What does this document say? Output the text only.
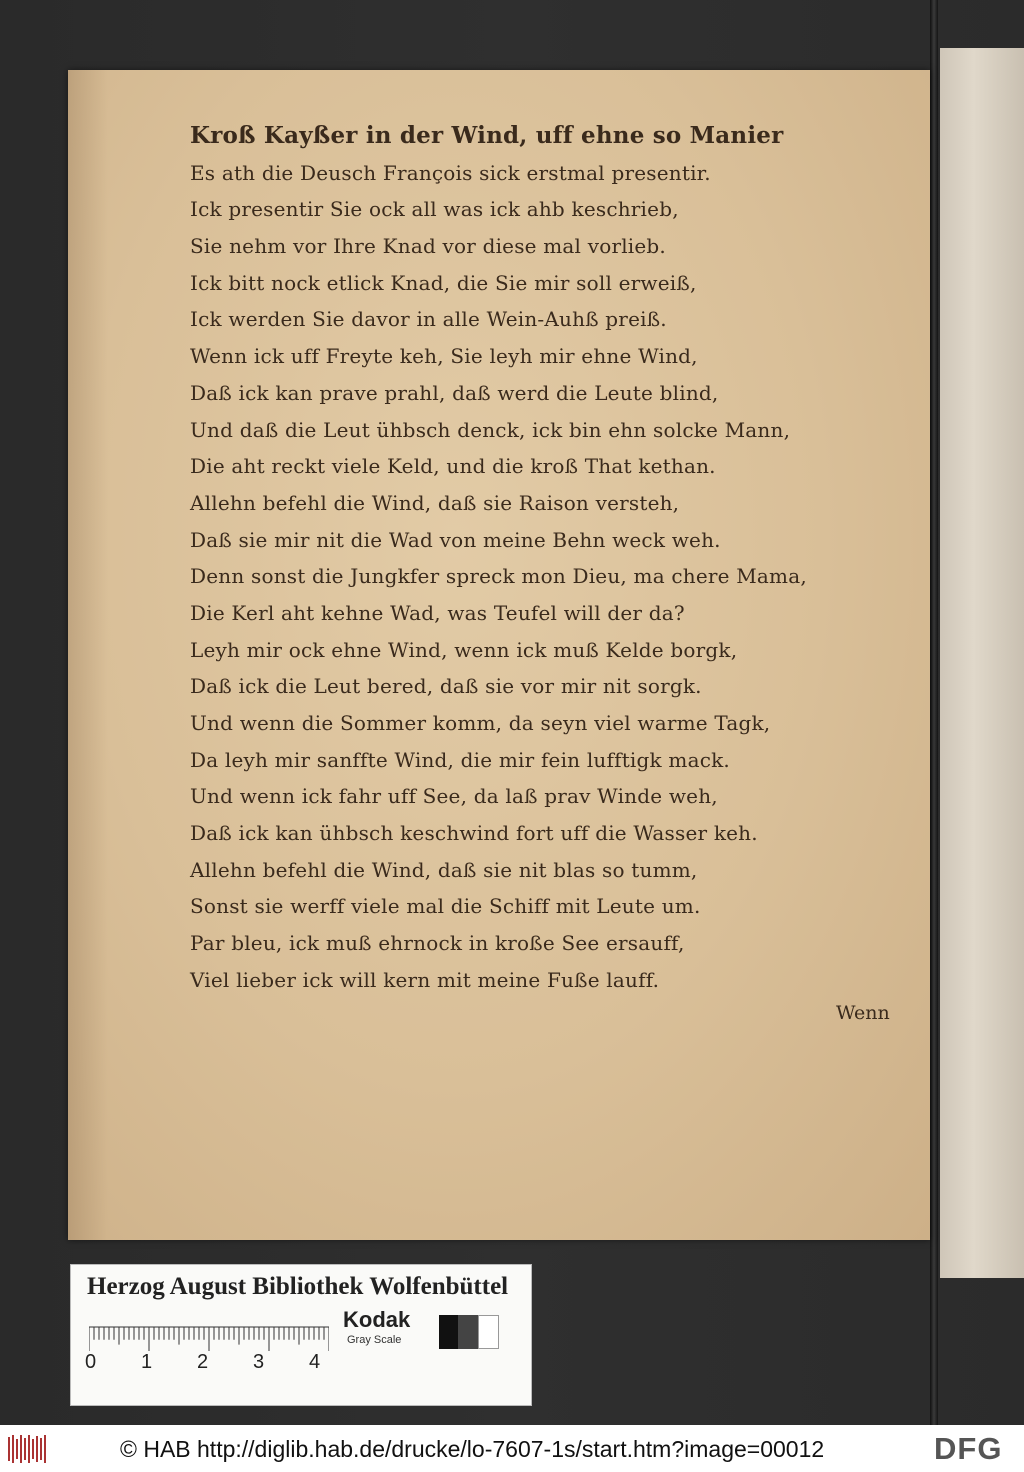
Kroß Kayßer in der Wind, uff ehne so Manier
Es ath die Deusch François sick erstmal presentir.
Ick presentir Sie ock all was ick ahb keschrieb,
Sie nehm vor Ihre Knad vor diese mal vorlieb.
Ick bitt nock etlick Knad, die Sie mir soll erweiß,
Ick werden Sie davor in alle Wein-Auhß preiß.
Wenn ick uff Freyte keh, Sie leyh mir ehne Wind,
Daß ick kan prave prahl, daß werd die Leute blind,
Und daß die Leut ühbsch denck, ick bin ehn solcke Mann,
Die aht reckt viele Keld, und die kroß That kethan.
Allehn befehl die Wind, daß sie Raison versteh,
Daß sie mir nit die Wad von meine Behn weck weh.
Denn sonst die Jungkfer spreck mon Dieu, ma chere Mama,
Die Kerl aht kehne Wad, was Teufel will der da?
Leyh mir ock ehne Wind, wenn ick muß Kelde borgk,
Daß ick die Leut bered, daß sie vor mir nit sorgk.
Und wenn die Sommer komm, da seyn viel warme Tagk,
Da leyh mir sanffte Wind, die mir fein lufftigk mack.
Und wenn ick fahr uff See, da laß prav Winde weh,
Daß ick kan ühbsch keschwind fort uff die Wasser keh.
Allehn befehl die Wind, daß sie nit blas so tumm,
Sonst sie werff viele mal die Schiff mit Leute um.
Par bleu, ick muß ehrnock in kroße See ersauff,
Viel lieber ick will kern mit meine Fuße lauff.
Wenn
Herzog August Bibliothek Wolfenbüttel
0 1 2 3 4
Kodak
Gray Scale
© HAB http://diglib.hab.de/drucke/lo-7607-1s/start.htm?image=00012	DFG
